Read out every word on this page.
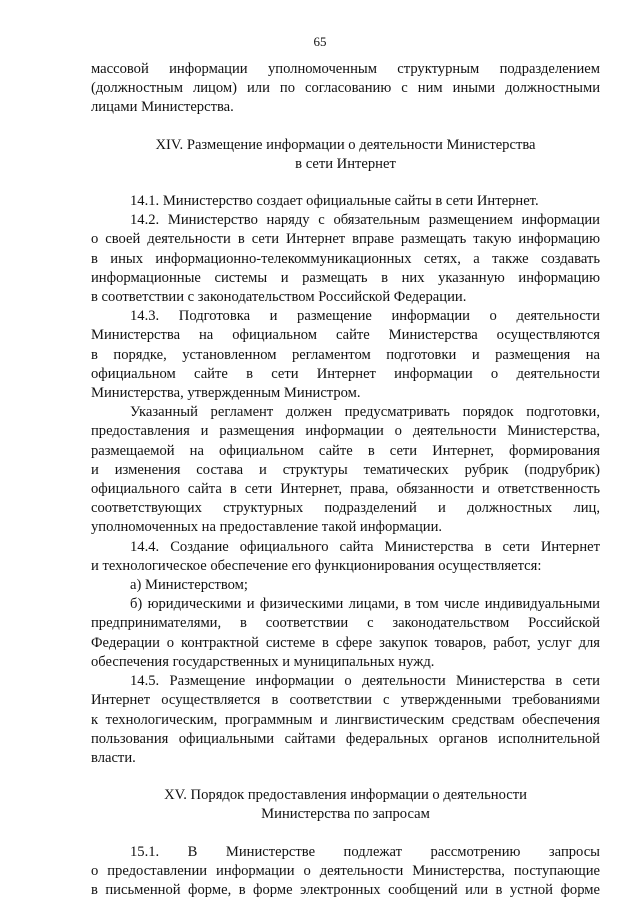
65

массовой информации уполномоченным структурным подразделением
(должностным лицом) или по согласованию с ним иными должностными
лицами Министерства.

XIV. Размещение информации о деятельности Министерства
в сети Интернет

14.1. Министерство создает официальные сайты в сети Интернет.

14.2. Министерство наряду с обязательным размещением информации
о своей деятельности в сети Интернет вправе размещать такую информацию
в иных информационно-телекоммуникационных сетях, а также создавать
информационные системы и размещать в них указанную информацию
в соответствии с законодательством Российской Федерации.

14.3. Подготовка и размещение информации о деятельности
Министерства на официальном сайте Министерства осуществляются
в порядке, установленном регламентом подготовки и размещения на
официальном сайте в сети Интернет информации о деятельности
Министерства, утвержденным Министром.

Указанный регламент должен предусматривать порядок подготовки,
предоставления и размещения информации о деятельности Министерства,
размещаемой на официальном сайте в сети Интернет, формирования
и изменения состава и структуры тематических рубрик (подрубрик)
официального сайта в сети Интернет, права, обязанности и ответственность
соответствующих структурных подразделений и должностных лиц,
уполномоченных на предоставление такой информации.

14.4. Создание официального сайта Министерства в сети Интернет
и технологическое обеспечение его функционирования осуществляется:

а) Министерством;

б) юридическими и физическими лицами, в том числе индивидуальными
предпринимателями, в соответствии с законодательством Российской
Федерации о контрактной системе в сфере закупок товаров, работ, услуг для
обеспечения государственных и муниципальных нужд.

14.5. Размещение информации о деятельности Министерства в сети
Интернет осуществляется в соответствии с утвержденными требованиями
к технологическим, программным и лингвистическим средствам обеспечения
пользования официальными сайтами федеральных органов исполнительной
власти.

XV. Порядок предоставления информации о деятельности
Министерства по запросам

15.1. В Министерстве подлежат рассмотрению запросы
о предоставлении информации о деятельности Министерства, поступающие
в письменной форме, в форме электронных сообщений или в устной форме
